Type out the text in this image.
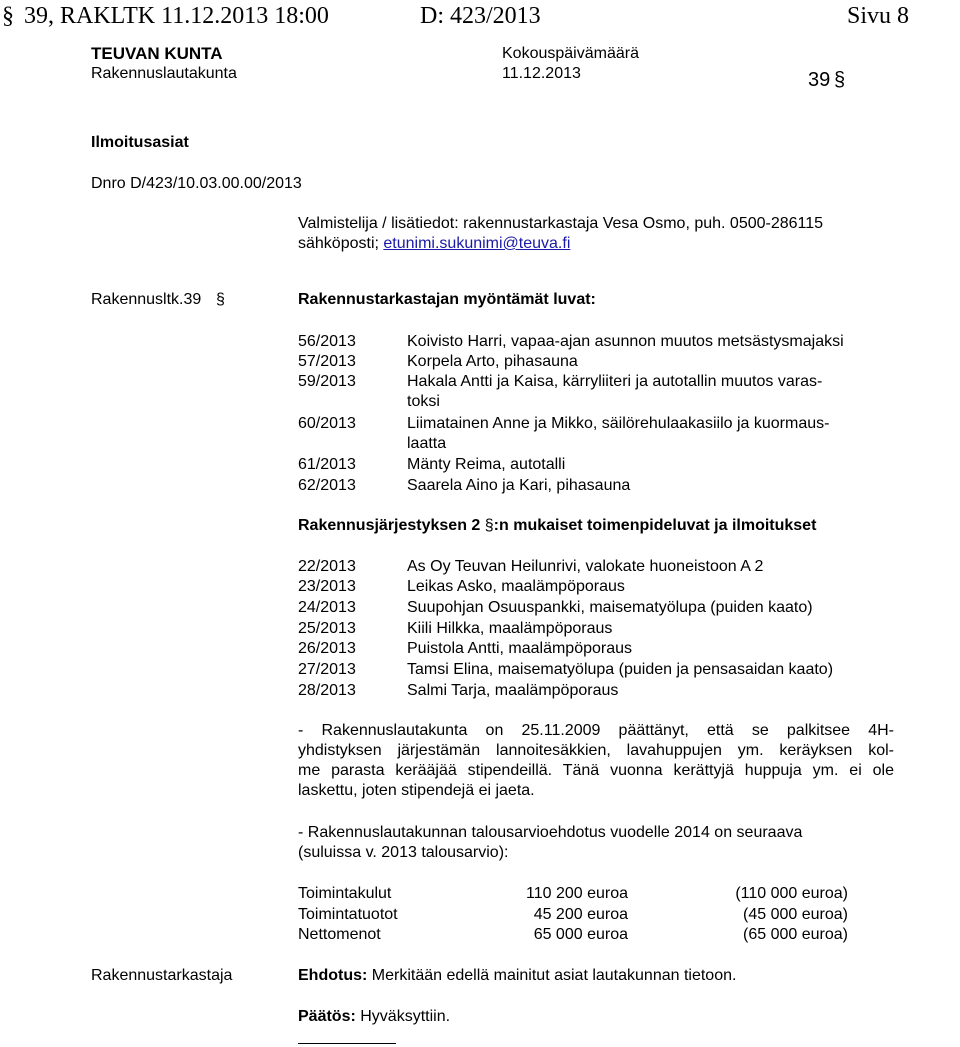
§ 39, RAKLTK 11.12.2013 18:00	D: 423/2013	Sivu 8
TEUVAN KUNTA
Rakennuslautakunta
Kokouspäivämäärä
11.12.2013	39 §
Ilmoitusasiat
Dnro D/423/10.03.00.00/2013
Valmistelija / lisätiedot: rakennustarkastaja Vesa Osmo, puh. 0500-286115
sähköposti; etunimi.sukunimi@teuva.fi
Rakennusltk.39 §	Rakennustarkastajan myöntämät luvat:
56/2013	Koivisto Harri, vapaa-ajan asunnon muutos metsästysmajaksi
57/2013	Korpela Arto, pihasauna
59/2013	Hakala Antti ja Kaisa, kärryliiteri ja autotallin muutos varas-
toksi
60/2013	Liimatainen Anne ja Mikko, säilörehulaakasiilo ja kuormaus-
laatta
61/2013	Mänty Reima, autotalli
62/2013	Saarela Aino ja Kari, pihasauna
Rakennusjärjestyksen 2 §:n mukaiset toimenpideluvat ja ilmoitukset
22/2013	As Oy Teuvan Heilunrivi, valokate huoneistoon A 2
23/2013	Leikas Asko, maalämpöporaus
24/2013	Suupohjan Osuuspankki, maisematyölupa (puiden kaato)
25/2013	Kiili Hilkka, maalämpöporaus
26/2013	Puistola Antti, maalämpöporaus
27/2013	Tamsi Elina, maisematyölupa (puiden ja pensasaidan kaato)
28/2013	Salmi Tarja, maalämpöporaus
- Rakennuslautakunta on 25.11.2009 päättänyt, että se palkitsee 4H-
yhdistyksen järjestämän lannoitesäkkien, lavahuppujen ym. keräyksen kol-
me parasta kerääjää stipendeillä. Tänä vuonna kerättyjä huppuja ym. ei ole
laskettu, joten stipendejä ei jaeta.
- Rakennuslautakunnan talousarvioehdotus vuodelle 2014 on seuraava
(suluissa v. 2013 talousarvio):
Toimintakulut	110 200 euroa	(110 000 euroa)
Toimintatuotot	45 200 euroa	(45 000 euroa)
Nettomenot	65 000 euroa	(65 000 euroa)
Rakennustarkastaja	Ehdotus: Merkitään edellä mainitut asiat lautakunnan tietoon.
Päätös: Hyväksyttiin.
